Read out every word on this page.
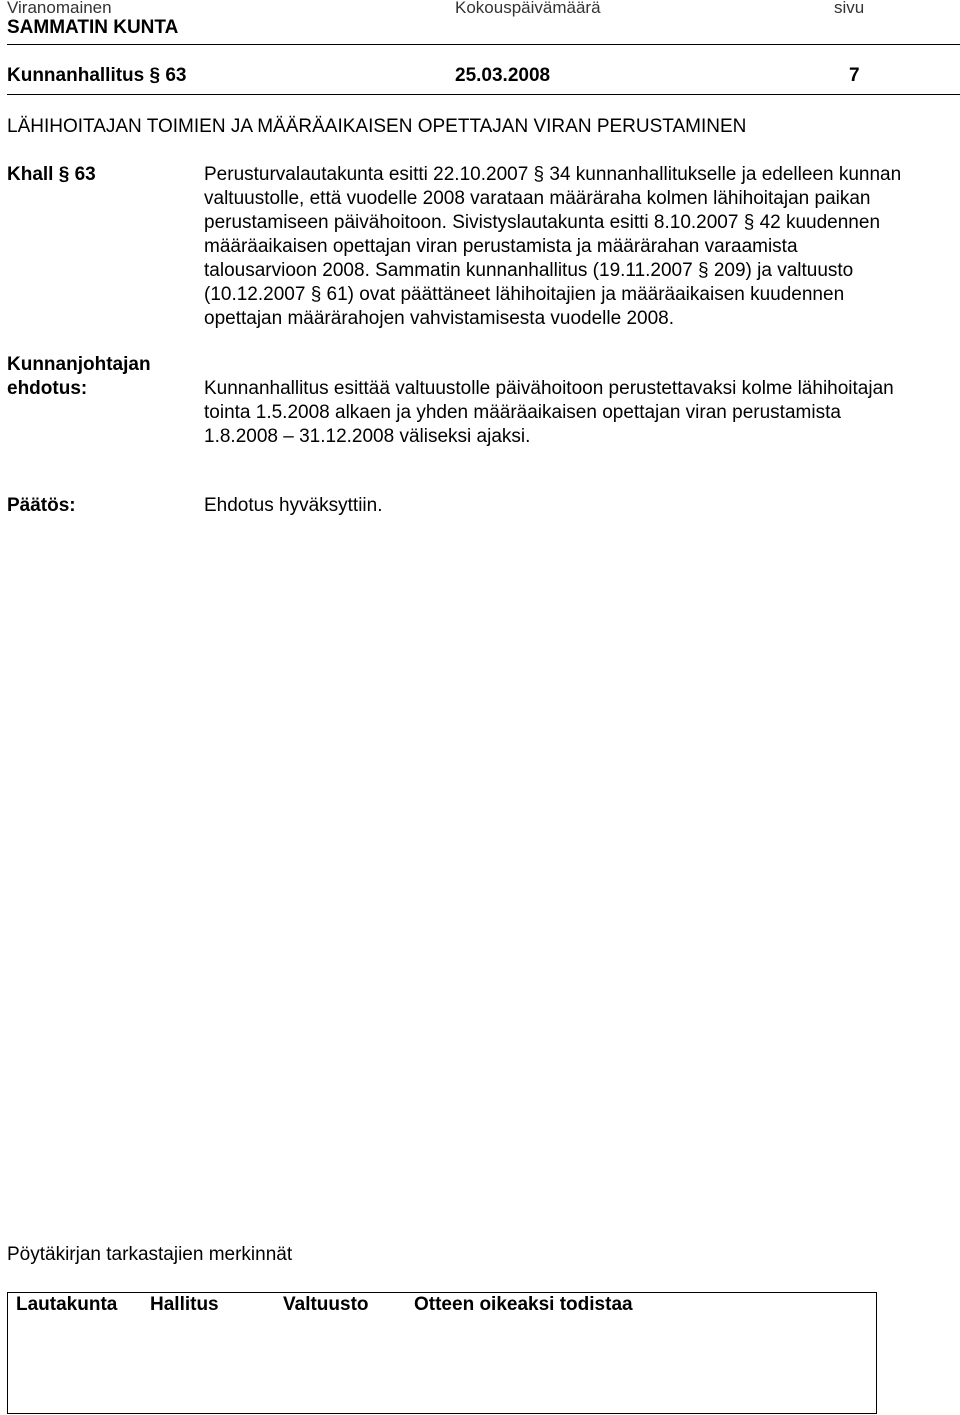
Viranomainen	Kokouspäivämäärä	sivu
SAMMATIN KUNTA
Kunnanhallitus § 63	25.03.2008	7
LÄHIHOITAJAN TOIMIEN JA MÄÄRÄAIKAISEN OPETTAJAN VIRAN PERUSTAMINEN
Khall § 63	Perusturvalautakunta esitti 22.10.2007 § 34 kunnanhallitukselle ja edelleen kunnan

valtuustolle, että vuodelle 2008 varataan määräraha kolmen lähihoitajan paikan

perustamiseen päivähoitoon. Sivistyslautakunta esitti 8.10.2007 § 42 kuudennen

määräaikaisen opettajan viran perustamista ja määrärahan varaamista

talousarvioon 2008. Sammatin kunnanhallitus (19.11.2007 § 209) ja valtuusto

(10.12.2007 § 61) ovat päättäneet lähihoitajien ja määräaikaisen kuudennen

opettajan määrärahojen vahvistamisesta vuodelle 2008.

Kunnanjohtajan
ehdotus:	Kunnanhallitus esittää valtuustolle päivähoitoon perustettavaksi kolme lähihoitajan

tointa 1.5.2008 alkaen ja yhden määräaikaisen opettajan viran perustamista

1.8.2008 – 31.12.2008 väliseksi ajaksi.

Päätös:	Ehdotus hyväksyttiin.
Pöytäkirjan tarkastajien merkinnät
Lautakunta	Hallitus	Valtuusto	Otteen oikeaksi todistaa
